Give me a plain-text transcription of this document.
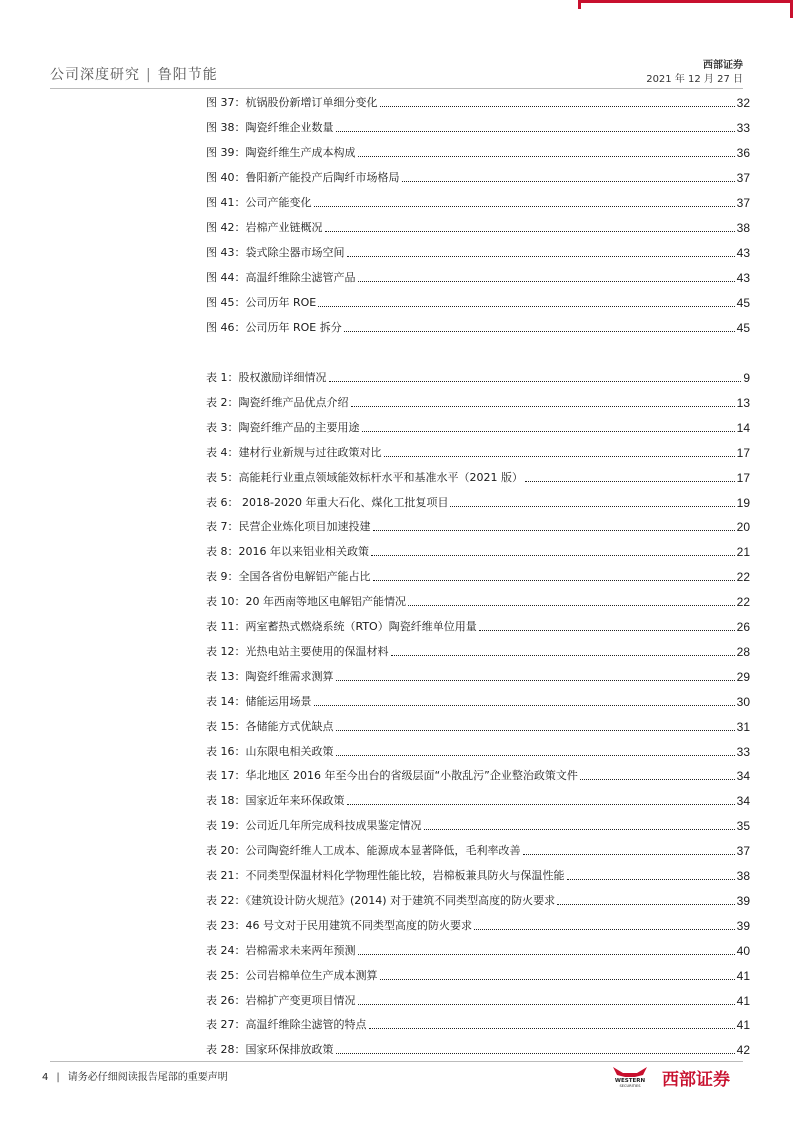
公司深度研究 | 鲁阳节能
西部证券
2021 年 12 月 27 日
图 37：杭锅股份新增订单细分变化	32
图 38：陶瓷纤维企业数量	33
图 39：陶瓷纤维生产成本构成	36
图 40：鲁阳新产能投产后陶纤市场格局	37
图 41：公司产能变化	37
图 42：岩棉产业链概况	38
图 43：袋式除尘器市场空间	43
图 44：高温纤维除尘滤管产品	43
图 45：公司历年 ROE	45
图 46：公司历年 ROE 拆分	45
表 1：股权激励详细情况	9
表 2：陶瓷纤维产品优点介绍	13
表 3：陶瓷纤维产品的主要用途	14
表 4：建材行业新规与过往政策对比	17
表 5：高能耗行业重点领域能效标杆水平和基准水平（2021 版）	17
表 6： 2018-2020 年重大石化、煤化工批复项目	19
表 7：民营企业炼化项目加速投建	20
表 8：2016 年以来铝业相关政策	21
表 9：全国各省份电解铝产能占比	22
表 10：20 年西南等地区电解铝产能情况	22
表 11：两室蓄热式燃烧系统（RTO）陶瓷纤维单位用量	26
表 12：光热电站主要使用的保温材料	28
表 13：陶瓷纤维需求测算	29
表 14：储能运用场景	30
表 15：各储能方式优缺点	31
表 16：山东限电相关政策	33
表 17：华北地区 2016 年至今出台的省级层面“小散乱污”企业整治政策文件	34
表 18：国家近年来环保政策	34
表 19：公司近几年所完成科技成果鉴定情况	35
表 20：公司陶瓷纤维人工成本、能源成本显著降低，毛利率改善	37
表 21：不同类型保温材料化学物理性能比较，岩棉板兼具防火与保温性能	38
表 22：《建筑设计防火规范》(2014) 对于建筑不同类型高度的防火要求	39
表 23：46 号文对于民用建筑不同类型高度的防火要求	39
表 24：岩棉需求未来两年预测	40
表 25：公司岩棉单位生产成本测算	41
表 26：岩棉扩产变更项目情况	41
表 27：高温纤维除尘滤管的特点	41
表 28：国家环保排放政策	42
4 | 请务必仔细阅读报告尾部的重要声明	WESTERN
SECURITIES 西部证券
